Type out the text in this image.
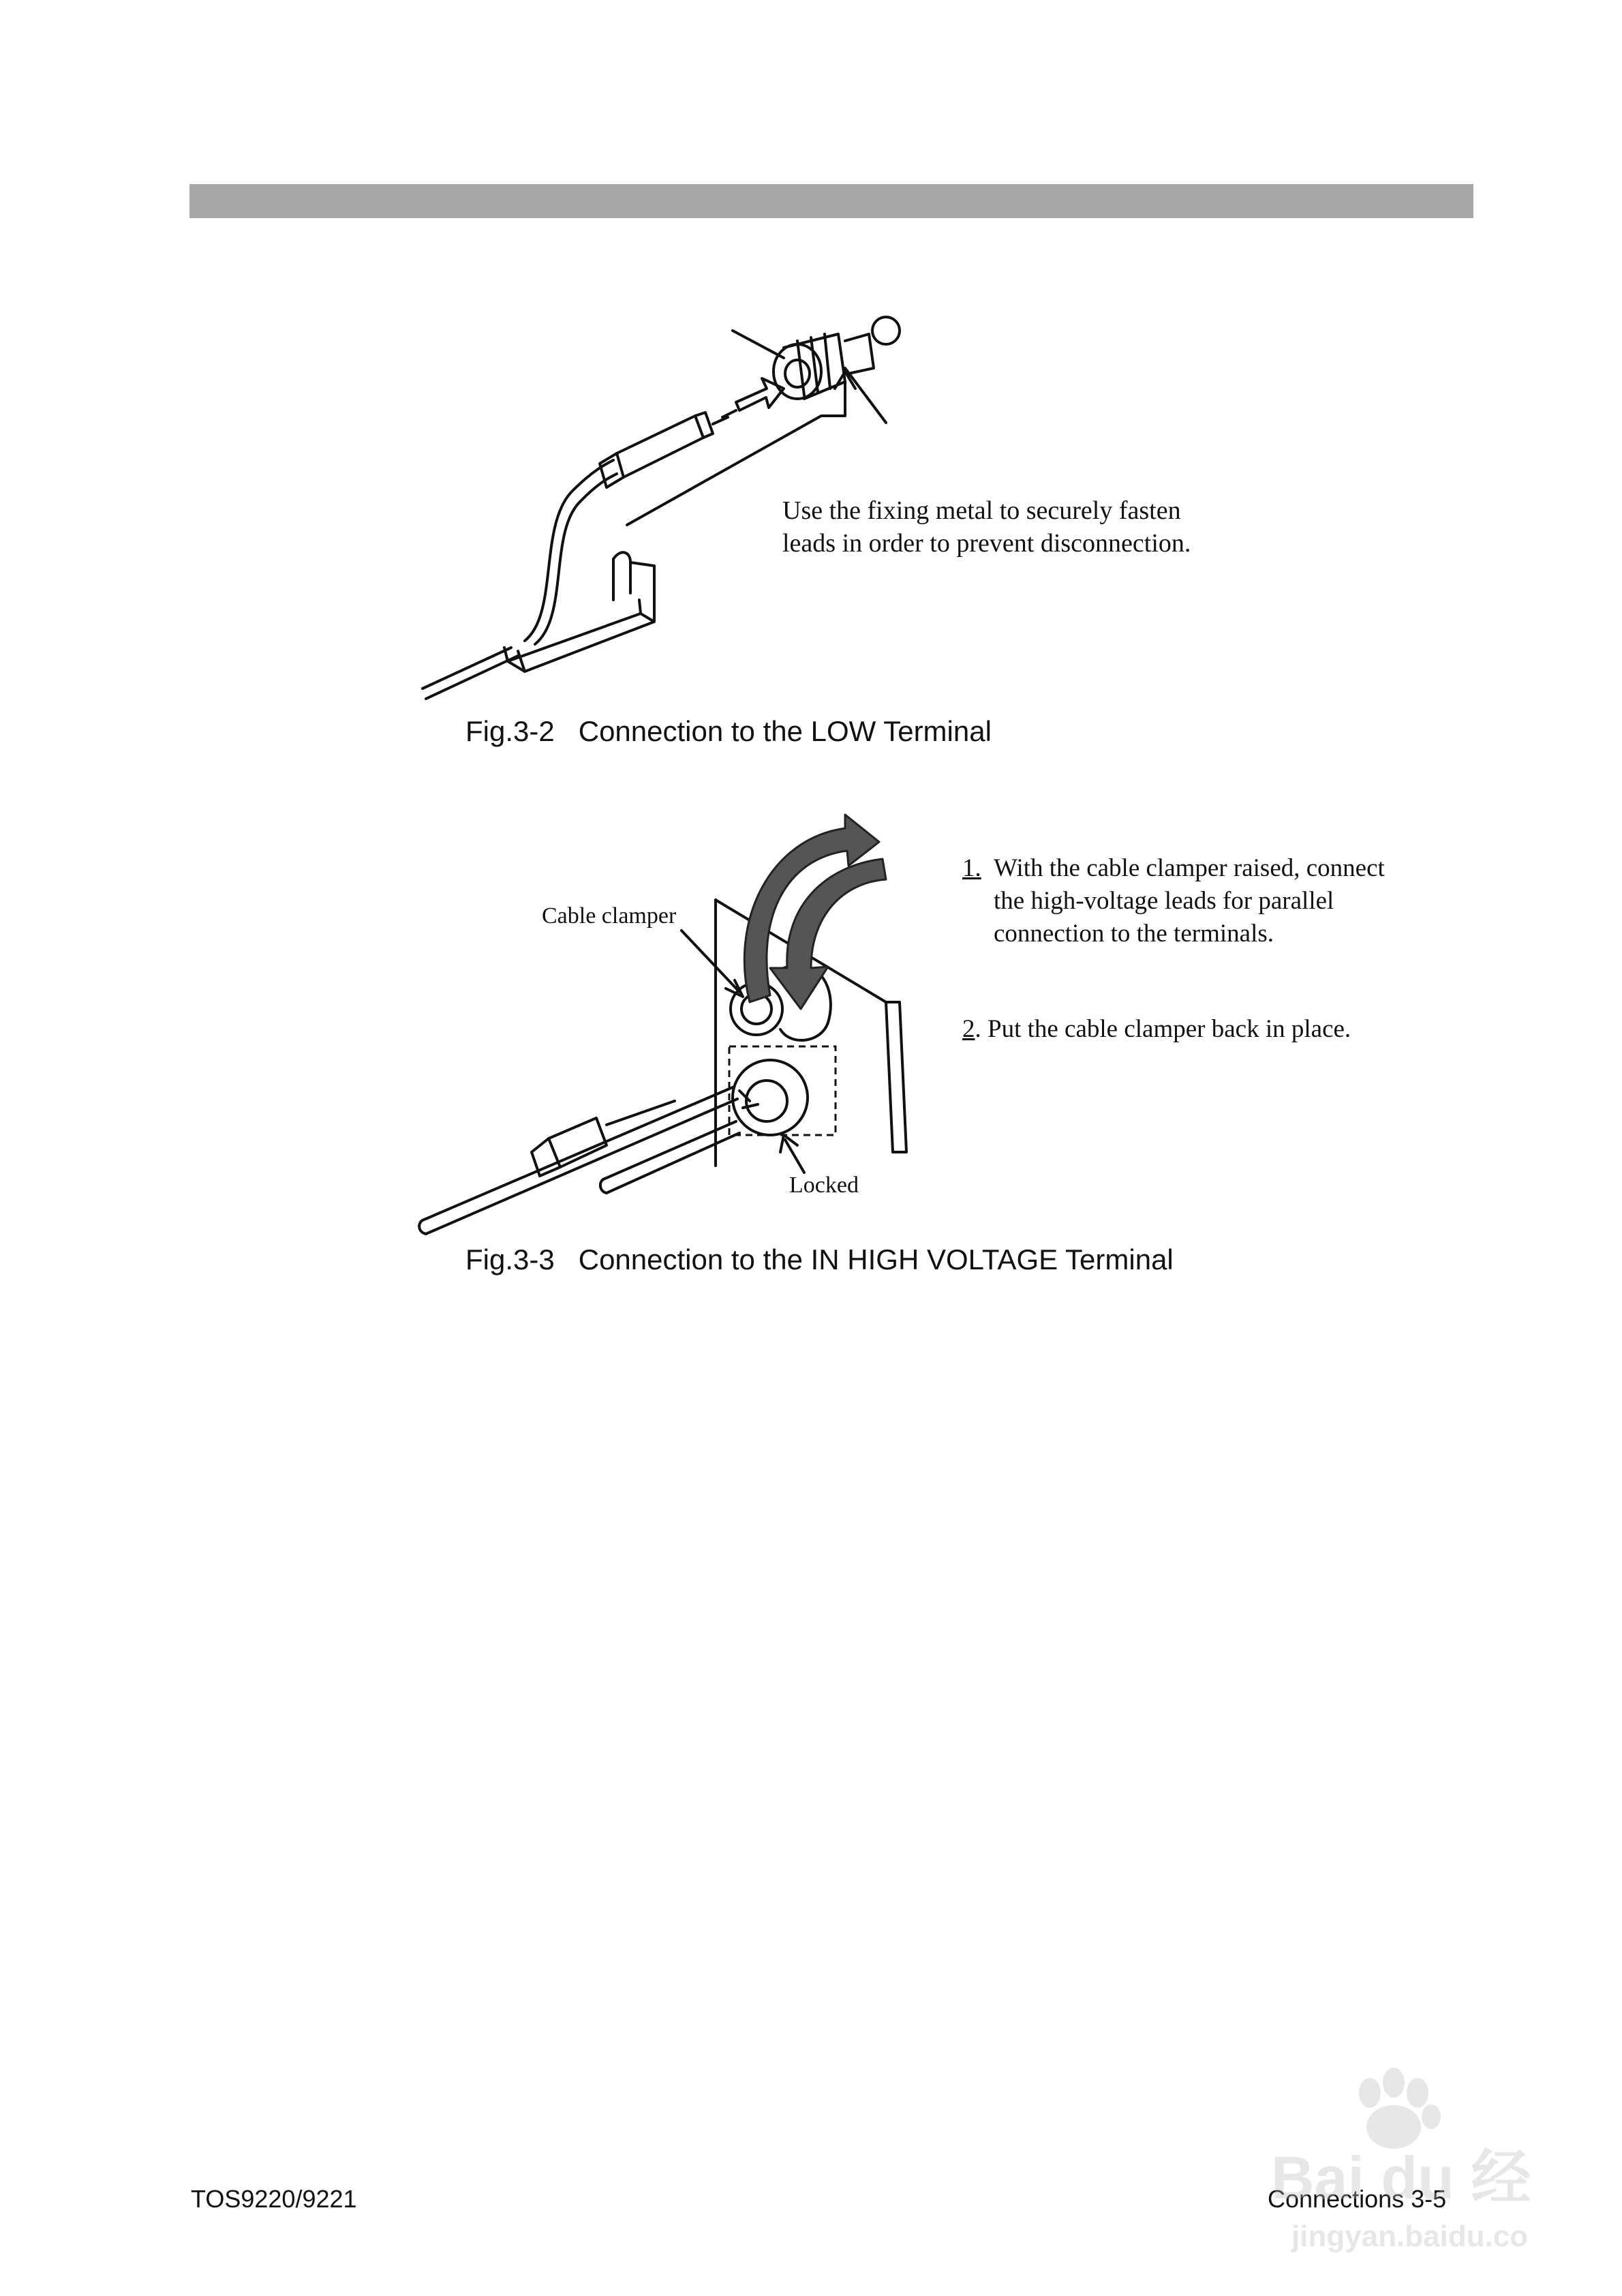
Use the fixing metal to securely fasten
leads in order to prevent disconnection.
Fig.3-2 Connection to the LOW Terminal
Cable clamper
Locked
1. With the cable clamper raised, connect
the high-voltage leads for parallel
connection to the terminals.
2. Put the cable clamper back in place.
Fig.3-3 Connection to the IN HIGH VOLTAGE Terminal
TOS9220/9221	Connections 3-5
Bai du 经
jingyan.baidu.com
